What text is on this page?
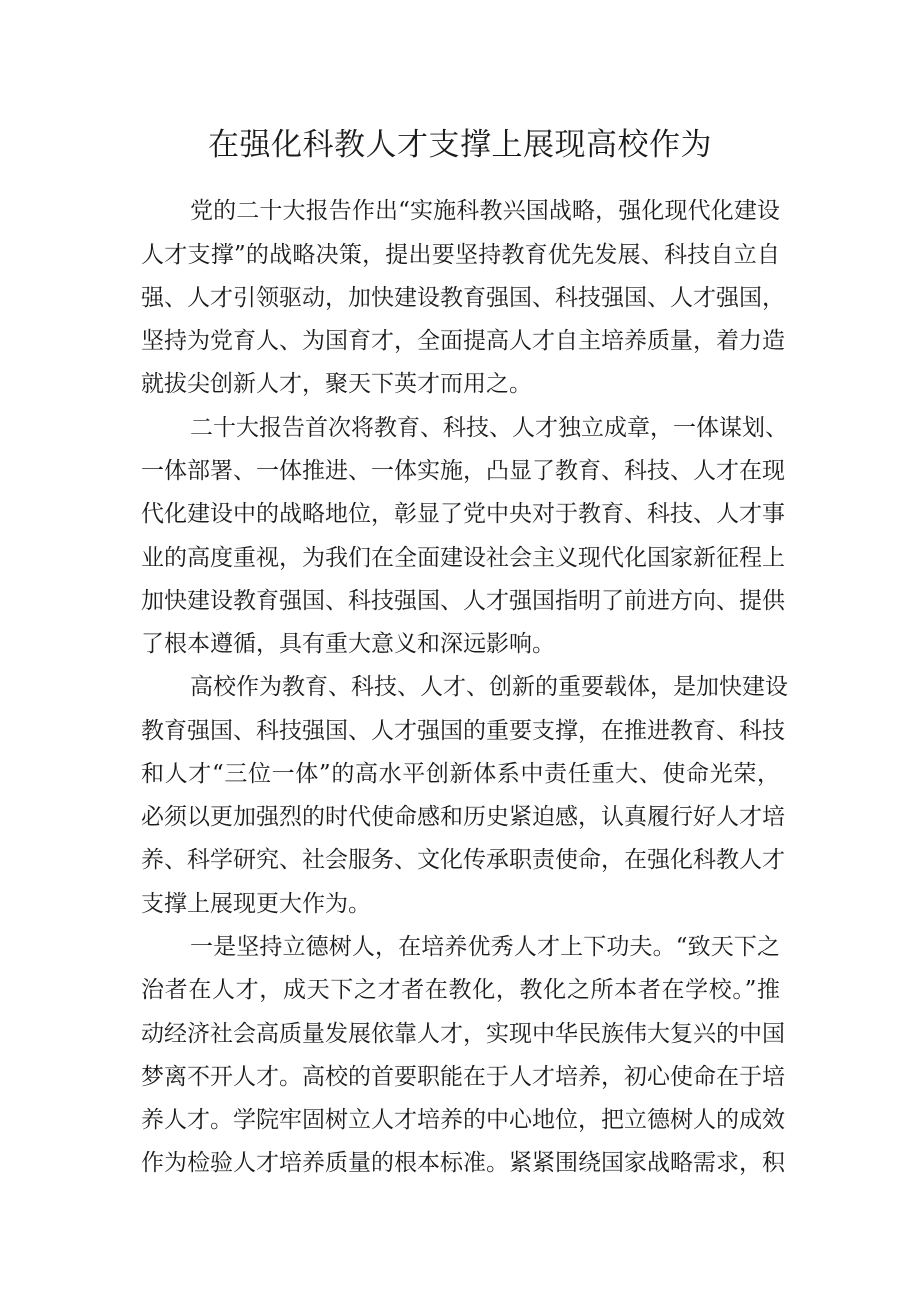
在强化科教人才支撑上展现高校作为
党的二十大报告作出“实施科教兴国战略，强化现代化建设
人才支撑”的战略决策，提出要坚持教育优先发展、科技自立自
强、人才引领驱动，加快建设教育强国、科技强国、人才强国，
坚持为党育人、为国育才，全面提高人才自主培养质量，着力造
就拔尖创新人才，聚天下英才而用之。
二十大报告首次将教育、科技、人才独立成章，一体谋划、
一体部署、一体推进、一体实施，凸显了教育、科技、人才在现
代化建设中的战略地位，彰显了党中央对于教育、科技、人才事
业的高度重视，为我们在全面建设社会主义现代化国家新征程上
加快建设教育强国、科技强国、人才强国指明了前进方向、提供
了根本遵循，具有重大意义和深远影响。
高校作为教育、科技、人才、创新的重要载体，是加快建设
教育强国、科技强国、人才强国的重要支撑，在推进教育、科技
和人才“三位一体”的高水平创新体系中责任重大、使命光荣，
必须以更加强烈的时代使命感和历史紧迫感，认真履行好人才培
养、科学研究、社会服务、文化传承职责使命，在强化科教人才
支撑上展现更大作为。
一是坚持立德树人，在培养优秀人才上下功夫。“致天下之
治者在人才，成天下之才者在教化，教化之所本者在学校。”推
动经济社会高质量发展依靠人才，实现中华民族伟大复兴的中国
梦离不开人才。高校的首要职能在于人才培养，初心使命在于培
养人才。学院牢固树立人才培养的中心地位，把立德树人的成效
作为检验人才培养质量的根本标准。紧紧围绕国家战略需求，积
